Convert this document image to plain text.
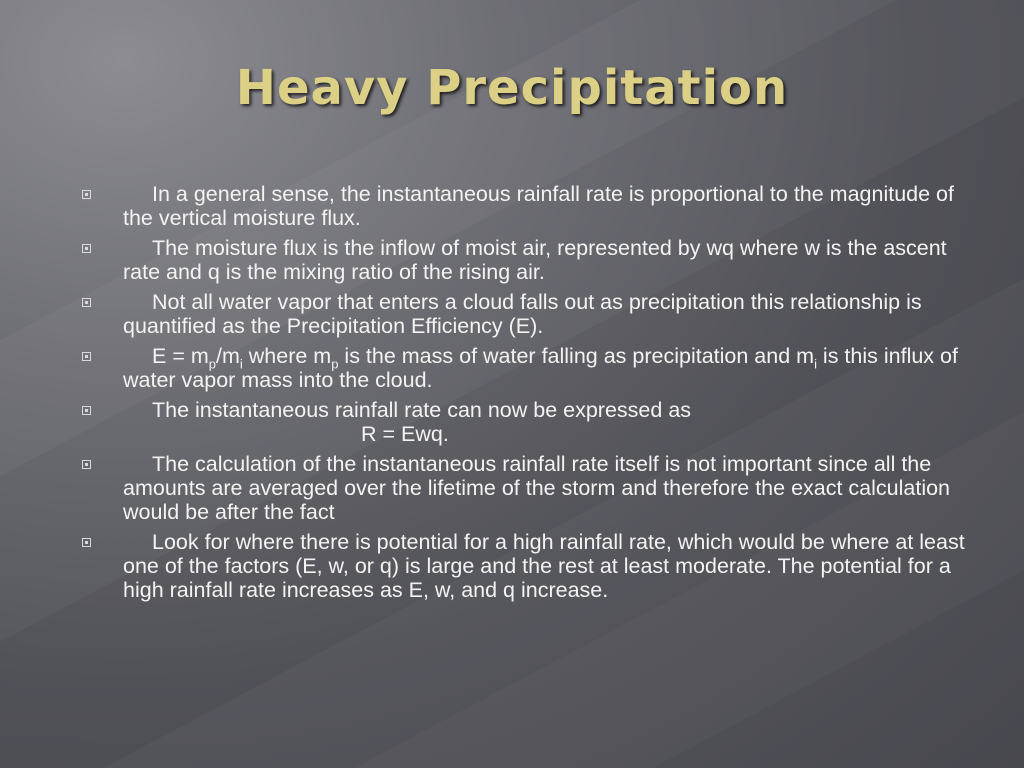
Heavy Precipitation
In a general sense, the instantaneous rainfall rate is proportional to the magnitude of the vertical moisture flux.
The moisture flux is the inflow of moist air, represented by wq where w is the ascent rate and q is the mixing ratio of the rising air.
Not all water vapor that enters a cloud falls out as precipitation this relationship is quantified as the Precipitation Efficiency (E).
$E = m_p/m_i$ where $m_p$ is the mass of water falling as precipitation and $m_i$ is this influx of water vapor mass into the cloud.
The instantaneous rainfall rate can now be expressed as
R = Ewq.
The calculation of the instantaneous rainfall rate itself is not important since all the amounts are averaged over the lifetime of the storm and therefore the exact calculation would be after the fact
Look for where there is potential for a high rainfall rate, which would be where at least one of the factors (E, w, or q) is large and the rest at least moderate. The potential for a high rainfall rate increases as E, w, and q increase.
